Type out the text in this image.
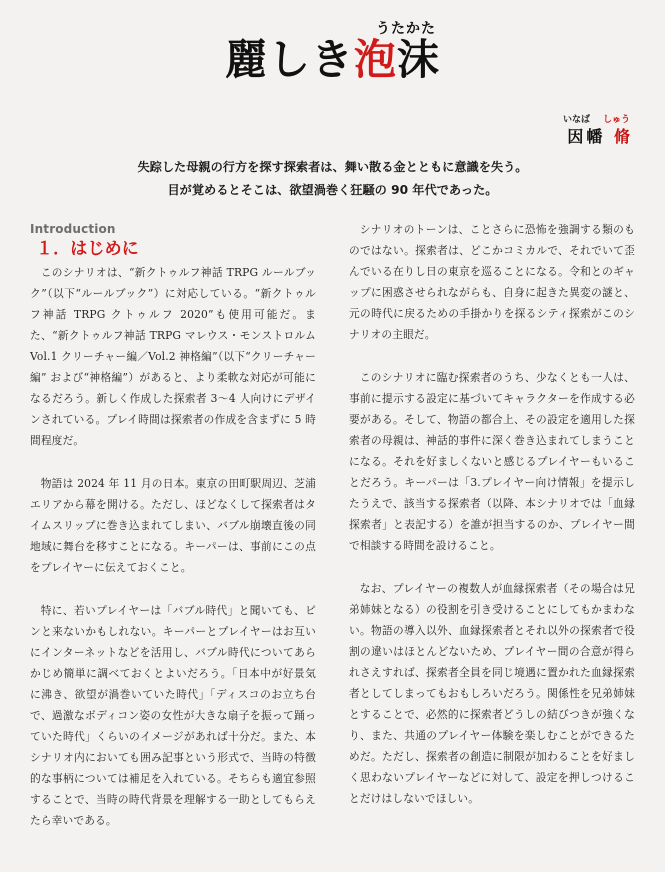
うたかた
麗しき泡沫
いなば しゅう
因幡 脩
失踪した母親の行方を探す探索者は、舞い散る金とともに意識を失う。
目が覚めるとそこは、欲望渦巻く狂騒の 90 年代であった。
Introduction
１．はじめに

このシナリオは、“新クトゥルフ神話 TRPG ルールブック”（以下“ルールブック”）に対応している。“新クトゥルフ神話 TRPG クトゥルフ 2020”も使用可能だ。また、“新クトゥルフ神話 TRPG マレウス・モンストロルム Vol.1 クリーチャー編／Vol.2 神格編”（以下“クリーチャー編” および“神格編”）があると、より柔軟な対応が可能になるだろう。新しく作成した探索者 3～4 人向けにデザインされている。プレイ時間は探索者の作成を含まずに 5 時間程度だ。

物語は 2024 年 11 月の日本。東京の田町駅周辺、芝浦エリアから幕を開ける。ただし、ほどなくして探索者はタイムスリップに巻き込まれてしまい、バブル崩壊直後の同地域に舞台を移すことになる。キーパーは、事前にこの点をプレイヤーに伝えておくこと。

特に、若いプレイヤーは「バブル時代」と聞いても、ピンと来ないかもしれない。キーパーとプレイヤーはお互いにインターネットなどを活用し、バブル時代についてあらかじめ簡単に調べておくとよいだろう。「日本中が好景気に沸き、欲望が渦巻いていた時代」「ディスコのお立ち台で、過激なボディコン姿の女性が大きな扇子を振って踊っていた時代」くらいのイメージがあれば十分だ。また、本シナリオ内においても囲み記事という形式で、当時の特徴的な事柄については補足を入れている。そちらも適宜参照することで、当時の時代背景を理解する一助としてもらえたら幸いである。

シナリオのトーンは、ことさらに恐怖を強調する類のものではない。探索者は、どこかコミカルで、それでいて歪んでいる在りし日の東京を巡ることになる。令和とのギャップに困惑させられながらも、自身に起きた異変の謎と、元の時代に戻るための手掛かりを探るシティ探索がこのシナリオの主眼だ。

このシナリオに臨む探索者のうち、少なくとも一人は、事前に提示する設定に基づいてキャラクターを作成する必要がある。そして、物語の都合上、その設定を適用した探索者の母親は、神話的事件に深く巻き込まれてしまうことになる。それを好ましくないと感じるプレイヤーもいることだろう。キーパーは「3.プレイヤー向け情報」を提示したうえで、該当する探索者（以降、本シナリオでは「血縁探索者」と表記する）を誰が担当するのか、プレイヤー間で相談する時間を設けること。

なお、プレイヤーの複数人が血縁探索者（その場合は兄弟姉妹となる）の役割を引き受けることにしてもかまわない。物語の導入以外、血縁探索者とそれ以外の探索者で役割の違いはほとんどないため、プレイヤー間の合意が得られさえすれば、探索者全員を同じ境遇に置かれた血縁探索者としてしまってもおもしろいだろう。関係性を兄弟姉妹とすることで、必然的に探索者どうしの結びつきが強くなり、また、共通のプレイヤー体験を楽しむことができるためだ。ただし、探索者の創造に制限が加わることを好ましく思わないプレイヤーなどに対して、設定を押しつけることだけはしないでほしい。
